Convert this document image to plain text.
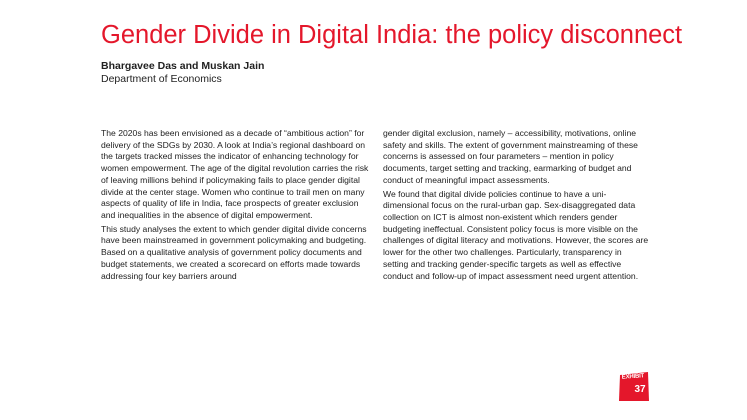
Gender Divide in Digital India: the policy disconnect

Bhargavee Das and Muskan Jain

Department of Economics

The 2020s has been envisioned as a decade of “ambitious action” for delivery of the SDGs by 2030. A look at India’s regional dashboard on the targets tracked misses the indicator of enhancing technology for women empowerment. The age of the digital revolution carries the risk of leaving millions behind if policymaking fails to place gender digital divide at the center stage. Women who continue to trail men on many aspects of quality of life in India, face prospects of greater exclusion and inequalities in the absence of digital empowerment.

This study analyses the extent to which gender digital divide concerns have been mainstreamed in government policymaking and budgeting. Based on a qualitative analysis of government policy documents and budget statements, we created a scorecard on efforts made towards addressing four key barriers around

gender digital exclusion, namely – accessibility, motivations, online safety and skills. The extent of government mainstreaming of these concerns is assessed on four parameters – mention in policy documents, target setting and tracking, earmarking of budget and conduct of meaningful impact assessments.

We found that digital divide policies continue to have a uni-dimensional focus on the rural-urban gap. Sex-disaggregated data collection on ICT is almost non-existent which renders gender budgeting ineffectual. Consistent policy focus is more visible on the challenges of digital literacy and motivations. However, the scores are lower for the other two challenges. Particularly, transparency in setting and tracking gender-specific targets as well as effective conduct and follow-up of impact assessment need urgent attention.

EXHIBIT
37
